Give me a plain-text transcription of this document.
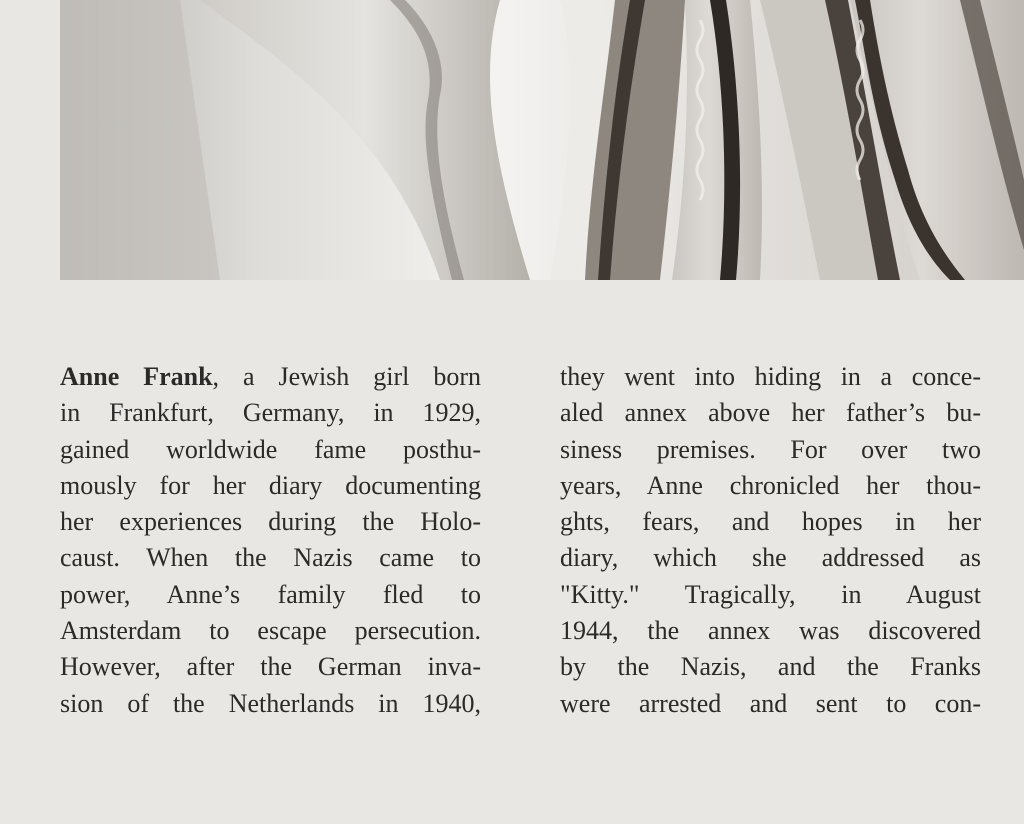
Anne Frank, a Jewish girl born
in Frankfurt, Germany, in 1929,
gained worldwide fame posthu-
mously for her diary documenting
her experiences during the Holo-
caust. When the Nazis came to
power, Anne’s family fled to
Amsterdam to escape persecution.
However, after the German inva-
sion of the Netherlands in 1940,
they went into hiding in a conce-
aled annex above her father’s bu-
siness premises. For over two
years, Anne chronicled her thou-
ghts, fears, and hopes in her
diary, which she addressed as
"Kitty." Tragically, in August
1944, the annex was discovered
by the Nazis, and the Franks
were arrested and sent to con-
